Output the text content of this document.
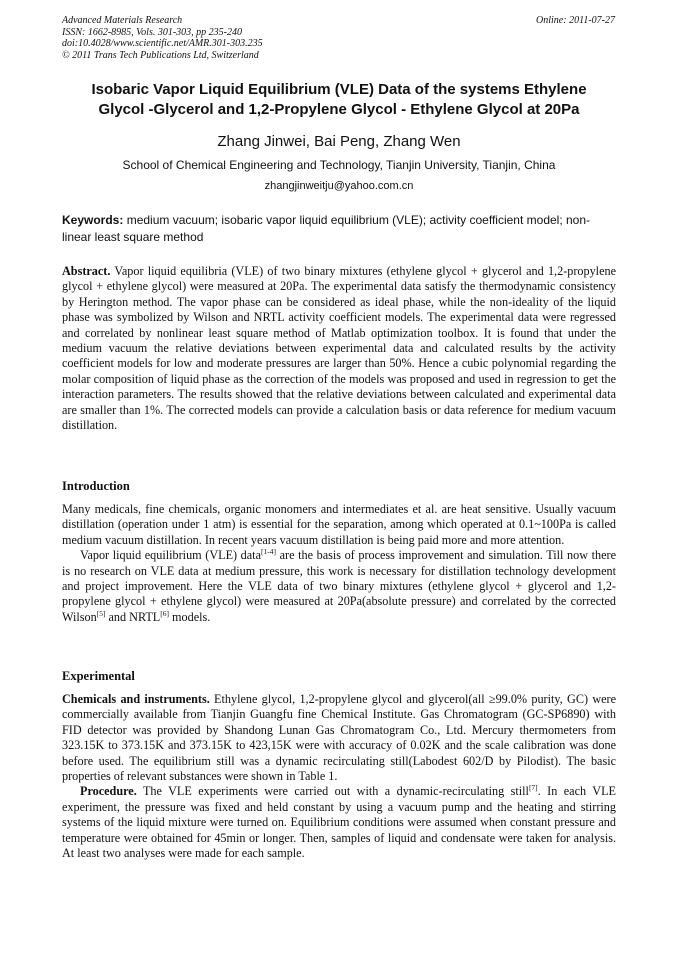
Advanced Materials Research
ISSN: 1662-8985, Vols. 301-303, pp 235-240
doi:10.4028/www.scientific.net/AMR.301-303.235
© 2011 Trans Tech Publications Ltd, Switzerland
Online: 2011-07-27
Isobaric Vapor Liquid Equilibrium (VLE) Data of the systems Ethylene
Glycol -Glycerol and 1,2-Propylene Glycol - Ethylene Glycol at 20Pa
Zhang Jinwei, Bai Peng, Zhang Wen
School of Chemical Engineering and Technology, Tianjin University, Tianjin, China
zhangjinweitju@yahoo.com.cn
Keywords: medium vacuum; isobaric vapor liquid equilibrium (VLE); activity coefficient model; non-linear least square method

Abstract. Vapor liquid equilibria (VLE) of two binary mixtures (ethylene glycol + glycerol and 1,2-propylene glycol + ethylene glycol) were measured at 20Pa. The experimental data satisfy the thermodynamic consistency by Herington method. The vapor phase can be considered as ideal phase, while the non-ideality of the liquid phase was symbolized by Wilson and NRTL activity coefficient models. The experimental data were regressed and correlated by nonlinear least square method of Matlab optimization toolbox. It is found that under the medium vacuum the relative deviations between experimental data and calculated results by the activity coefficient models for low and moderate pressures are larger than 50%. Hence a cubic polynomial regarding the molar composition of liquid phase as the correction of the models was proposed and used in regression to get the interaction parameters. The results showed that the relative deviations between calculated and experimental data are smaller than 1%. The corrected models can provide a calculation basis or data reference for medium vacuum distillation.

Introduction

Many medicals, fine chemicals, organic monomers and intermediates et al. are heat sensitive. Usually vacuum distillation (operation under 1 atm) is essential for the separation, among which operated at 0.1~100Pa is called medium vacuum distillation. In recent years vacuum distillation is being paid more and more attention.

Vapor liquid equilibrium (VLE) data[1-4] are the basis of process improvement and simulation. Till now there is no research on VLE data at medium pressure, this work is necessary for distillation technology development and project improvement. Here the VLE data of two binary mixtures (ethylene glycol + glycerol and 1,2-propylene glycol + ethylene glycol) were measured at 20Pa(absolute pressure) and correlated by the corrected Wilson[5] and NRTL[6] models.

Experimental

Chemicals and instruments. Ethylene glycol, 1,2-propylene glycol and glycerol(all ≥99.0% purity, GC) were commercially available from Tianjin Guangfu fine Chemical Institute. Gas Chromatogram (GC-SP6890) with FID detector was provided by Shandong Lunan Gas Chromatogram Co., Ltd. Mercury thermometers from 323.15K to 373.15K and 373.15K to 423,15K were with accuracy of 0.02K and the scale calibration was done before used. The equilibrium still was a dynamic recirculating still(Labodest 602/D by Pilodist). The basic properties of relevant substances were shown in Table 1.

Procedure. The VLE experiments were carried out with a dynamic-recirculating still[7]. In each VLE experiment, the pressure was fixed and held constant by using a vacuum pump and the heating and stirring systems of the liquid mixture were turned on. Equilibrium conditions were assumed when constant pressure and temperature were obtained for 45min or longer. Then, samples of liquid and condensate were taken for analysis. At least two analyses were made for each sample.
